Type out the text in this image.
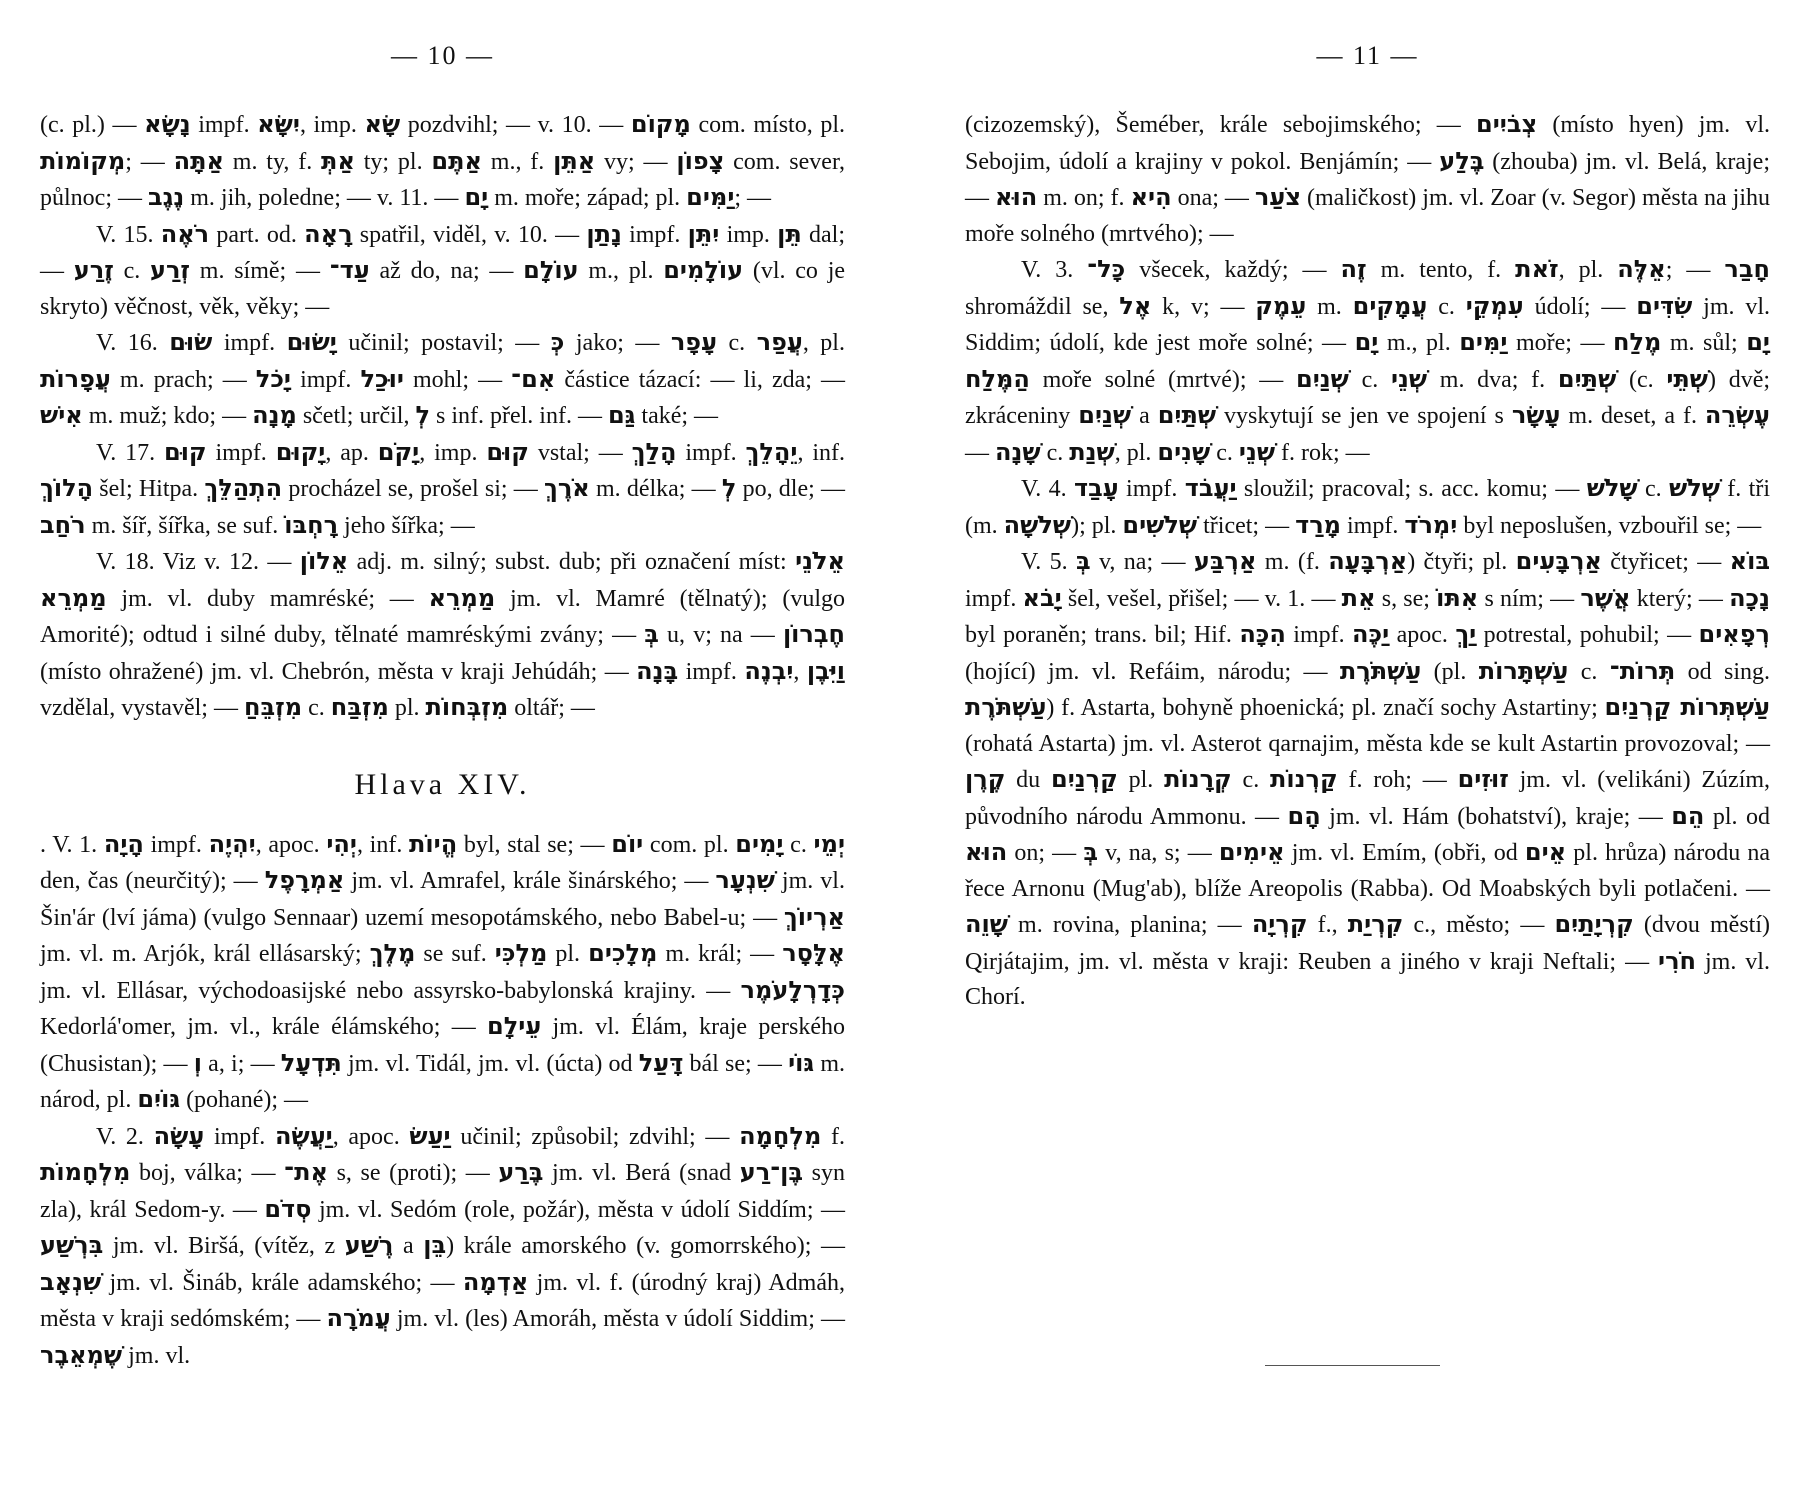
— 10 —

(c. pl.) — נָשָׂא impf. יִשָּׂא, imp. שָׂא pozdvihl; — v. 10. — מָקוֹם com. místo, pl. מְקוֹמוֹת; — אַתָּה m. ty, f. אַתְּ ty; pl. אַתֶּם m., f. אַתֵּן vy; — צָפוֹן com. sever, půlnoc; — נֶגֶב m. jih, poledne; — v. 11. — יָם m. moře; západ; pl. יַמִּים; —

V. 15. רֹאֶה part. od. רָאָה spatřil, viděl, v. 10. — נָתַן impf. יִתֵּן imp. תֵּן dal; — זֶרַע c. זְרַע m. símě; — עַד־ až do, na; — עוֹלָם m., pl. עוֹלָמִים (vl. co je skryto) věčnost, věk, věky; —

V. 16. שׂוּם impf. יָשׂוּם učinil; postavil; — כְּ jako; — עָפָר c. עֲפַר, pl. עֲפָרוֹת m. prach; — יָכֹל impf. יוּכַל mohl; — אִם־ částice tázací: — li, zda; — אִישׁ m. muž; kdo; — מָנָה sčetl; určil, לְ s inf. přel. inf. — גַּם také; —

V. 17. קוּם impf. יָקוּם, ap. יָקֹם, imp. קוּם vstal; — הָלַךְ impf. יֵהָלֵךְ, inf. הָלוֹךְ šel; Hitpa. הִתְהַלֵּךְ procházel se, prošel si; — אֹרֶךְ m. délka; — לְ po, dle; — רֹחַב m. šíř, šířka, se suf. רָחְבּוֹ jeho šířka; —

V. 18. Viz v. 12. — אֵלוֹן adj. m. silný; subst. dub; při označení míst: אֵלֹנֵי מַמְרֵא jm. vl. duby mamréské; — מַמְרֵא jm. vl. Mamré (tělnatý); (vulgo Amorité); odtud i silné duby, tělnaté mamréskými zvány; — בְּ u, v; na — חֶבְרוֹן (místo ohražené) jm. vl. Chebrón, města v kraji Jehúdáh; — בָּנָה impf. יִבְנֶה, וַיִּבֶן vzdělal, vystavěl; — מִזְבֵּחַ c. מִזְבַּח pl. מִזְבְּחוֹת oltář; —

Hlava XIV.

. V. 1. הָיָה impf. יִהְיֶה, apoc. יְהִי, inf. הֱיוֹת byl, stal se; — יוֹם com. pl. יָמִים c. יְמֵי den, čas (neurčitý); — אַמְרָפֶל jm. vl. Amrafel, krále šinárského; — שִׁנְעָר jm. vl. Šin'ár (lví jáma) (vulgo Sennaar) uzemí mesopotámského, nebo Babel-u; — אַרְיוֹךְ jm. vl. m. Arjók, král ellásarský; מֶלֶךְ se suf. מַלְכִּי pl. מְלָכִים m. král; — אֶלָּסָר jm. vl. Ellásar, východoasijské nebo assyrsko-babylonská krajiny. — כְּדָרְלָעֹמֶר Kedorlá'omer, jm. vl., krále élámského; — עֵילָם jm. vl. Élám, kraje perského (Chusistan); — וְ a, i; — תִּדְעָל jm. vl. Tidál, jm. vl. (úcta) od דָּעַל bál se; — גּוֹי m. národ, pl. גּוֹיִם (pohané); —

V. 2. עָשָׂה impf. יַעֲשֶׂה, apoc. יַעַשׂ učinil; způsobil; zdvihl; — מִלְחָמָה f. מִלְחָמוֹת boj, válka; — אֶת־ s, se (proti); — בֶּרַע jm. vl. Berá (snad בֶּן־רַע syn zla), král Sedom-y. — סְדֹם jm. vl. Sedóm (role, požár), města v údolí Siddím; — בִּרְשַׁע jm. vl. Biršá, (vítěz, z רֶשַׁע a בֵּן) krále amorského (v. gomorrského); — שִׁנְאָב jm. vl. Šináb, krále adamského; — אַדְמָה jm. vl. f. (úrodný kraj) Admáh, města v kraji sedómském; — עֲמֹרָה jm. vl. (les) Amoráh, města v údolí Siddim; — שֶׁמְאֵבֶר jm. vl.

— 11 —

(cizozemský), Šeméber, krále sebojimského; — צְבֹיִים (místo hyen) jm. vl. Sebojim, údolí a krajiny v pokol. Benjámín; — בֶּלַע (zhouba) jm. vl. Belá, kraje; — הוּא m. on; f. הִיא ona; — צֹעַר (maličkost) jm. vl. Zoar (v. Segor) města na jihu moře solného (mrtvého); —

V. 3. כָּל־ všecek, každý; — זֶה m. tento, f. זֹאת, pl. אֵלֶּה; — חָבַר shromáždil se, אֶל k, v; — עֵמֶק m. עֲמָקִים c. עִמְקֵי údolí; — שִׂדִּים jm. vl. Siddim; údolí, kde jest moře solné; — יָם m., pl. יַמִּים moře; — מֶלַח m. sůl; יָם הַמֶּלַח moře solné (mrtvé); — שְׁנַיִם c. שְׁנֵי m. dva; f. שְׁתַּיִם (c. שְׁתֵּי) dvě; zkráceniny שְׁנַיִם a שְׁתַּיִם vyskytují se jen ve spojení s עָשָׂר m. deset, a f. עֶשְׂרֵה — שָׁנָה c. שְׁנַת, pl. שָׁנִים c. שְׁנֵי f. rok; —

V. 4. עָבַד impf. יַעֲבֹד sloužil; pracoval; s. acc. komu; — שָׁלֹשׁ c. שְׁלֹשׁ f. tři (m. שְׁלֹשָׁה); pl. שְׁלֹשִׁים třicet; — מָרַד impf. יִמְרֹד byl neposlušen, vzbouřil se; —

V. 5. בְּ v, na; — אַרְבַּע m. (f. אַרְבָּעָה) čtyři; pl. אַרְבָּעִים čtyřicet; — בּוֹא impf. יָבֹא šel, vešel, přišel; — v. 1. — אֵת s, se; אִתּוֹ s ním; — אֲשֶׁר který; — נָכָה byl poraněn; trans. bil; Hif. הִכָּה impf. יַכֶּה apoc. יַךְ potrestal, pohubil; — רְפָאִים (hojící) jm. vl. Refáim, národu; — עַשְׁתֹּרֶת (pl. עַשְׁתָּרוֹת c. תְּרוֹת־ od sing. עַשְׁתֹּרֶת) f. Astarta, bohyně phoenická; pl. značí sochy Astartiny; עַשְׁתְּרוֹת קַרְנַיִם (rohatá Astarta) jm. vl. Asterot qarnajim, města kde se kult Astartin provozoval; — קֶרֶן du קַרְנַיִם pl. קְרָנוֹת c. קַרְנוֹת f. roh; — זוּזִים jm. vl. (velikáni) Zúzím, původního národu Ammonu. — הָם jm. vl. Hám (bohatství), kraje; — הֵם pl. od הוּא on; — בְּ v, na, s; — אֵימִים jm. vl. Emím, (obři, od אֵים pl. hrůza) národu na řece Arnonu (Mug'ab), blíže Areopolis (Rabba). Od Moabských byli potlačeni. — שָׁוֵה m. rovina, planina; — קִרְיָה f., קִרְיַת c., město; — קִרְיָתַיִם (dvou městí) Qirjátajim, jm. vl. města v kraji: Reuben a jiného v kraji Neftali; — חֹרִי jm. vl. Chorí.
